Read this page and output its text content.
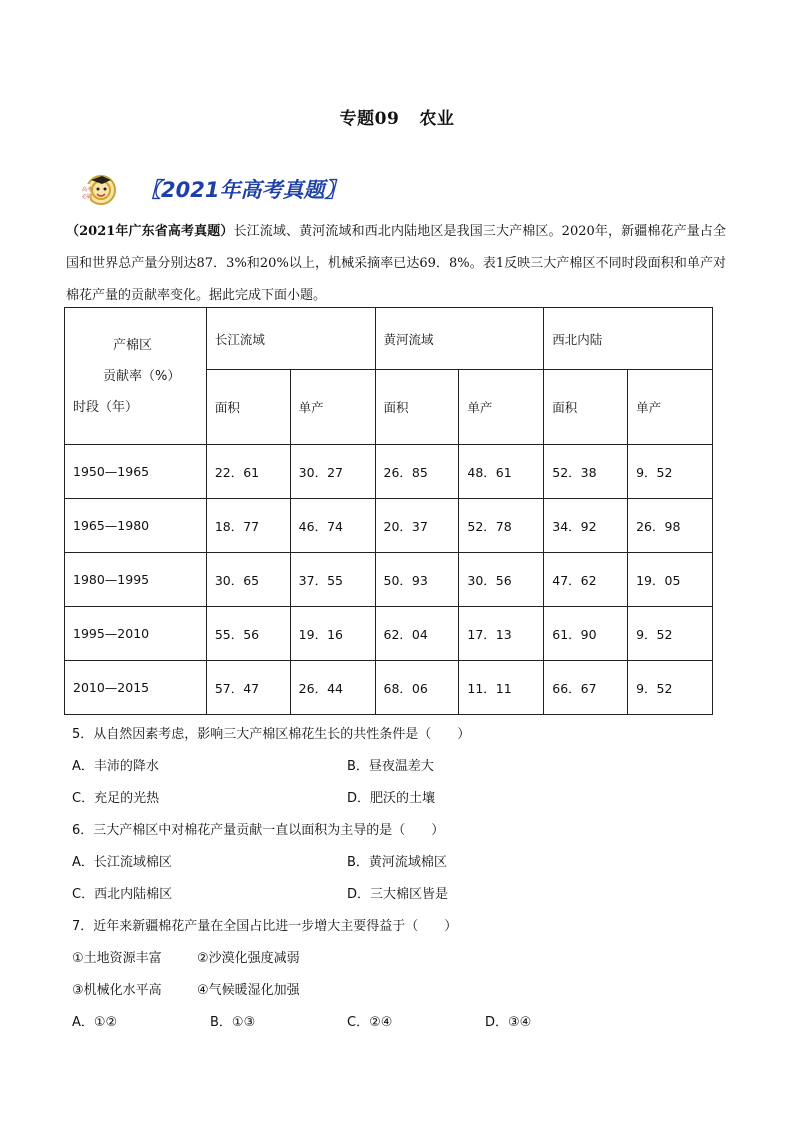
专题09 农业
高考
必刷 〖2021年高考真题〗
（2021年广东省高考真题）长江流域、黄河流域和西北内陆地区是我国三大产棉区。2020年，新疆棉花产量占全国和世界总产量分别达87．3%和20%以上，机械采摘率已达69．8%。表1反映三大产棉区不同时段面积和单产对棉花产量的贡献率变化。据此完成下面小题。
产棉区
贡献率（%）
时段（年）	长江流域		黄河流域		西北内陆	
	面积	单产	面积	单产	面积	单产
1950—1965	22．61	30．27	26．85	48．61	52．38	9．52
1965—1980	18．77	46．74	20．37	52．78	34．92	26．98
1980—1995	30．65	37．55	50．93	30．56	47．62	19．05
1995—2010	55．56	19．16	62．04	17．13	61．90	9．52
2010—2015	57．47	26．44	68．06	11．11	66．67	9．52
5．从自然因素考虑，影响三大产棉区棉花生长的共性条件是（　　）
A．丰沛的降水	B．昼夜温差大
C．充足的光热	D．肥沃的土壤
6．三大产棉区中对棉花产量贡献一直以面积为主导的是（　　）
A．长江流域棉区	B．黄河流域棉区
C．西北内陆棉区	D．三大棉区皆是
7．近年来新疆棉花产量在全国占比进一步增大主要得益于（　　）
①土地资源丰富	②沙漠化强度减弱
③机械化水平高	④气候暖湿化加强
A．①②	B．①③	C．②④	D．③④
